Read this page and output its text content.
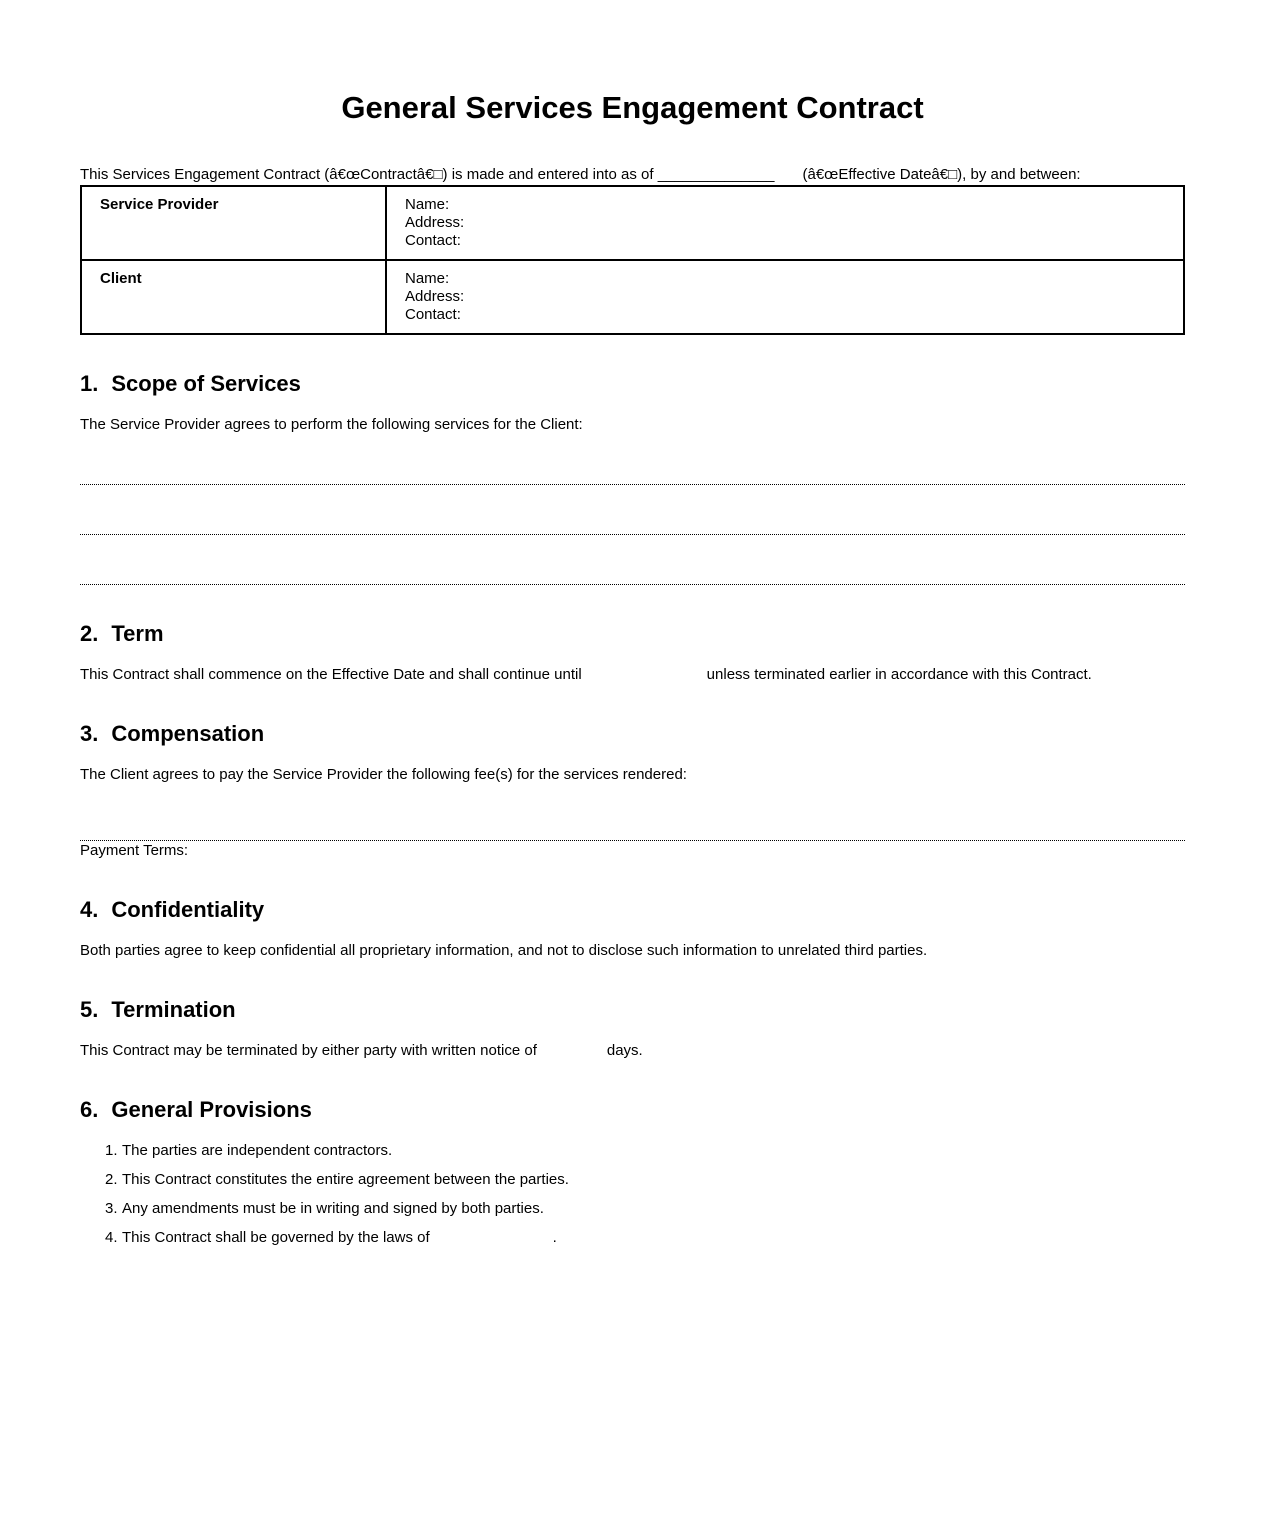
General Services Engagement Contract

This Services Engagement Contract (â€œContractâ€□) is made and entered into as of ______________ (â€œEffective Dateâ€□), by and between:

Service Provider	Name:
Address:
Contact:

Client	Name:
Address:
Contact:
1. Scope of Services

The Service Provider agrees to perform the following services for the Client:

2. Term

This Contract shall commence on the Effective Date and shall continue until	unless terminated earlier in accordance with this Contract.

3. Compensation

The Client agrees to pay the Service Provider the following fee(s) for the services rendered:

Payment Terms:

4. Confidentiality

Both parties agree to keep confidential all proprietary information, and not to disclose such information to unrelated third parties.

5. Termination

This Contract may be terminated by either party with written notice of	days.

6. General Provisions
1. The parties are independent contractors.
2. This Contract constitutes the entire agreement between the parties.
3. Any amendments must be in writing and signed by both parties.
4. This Contract shall be governed by the laws of	.
